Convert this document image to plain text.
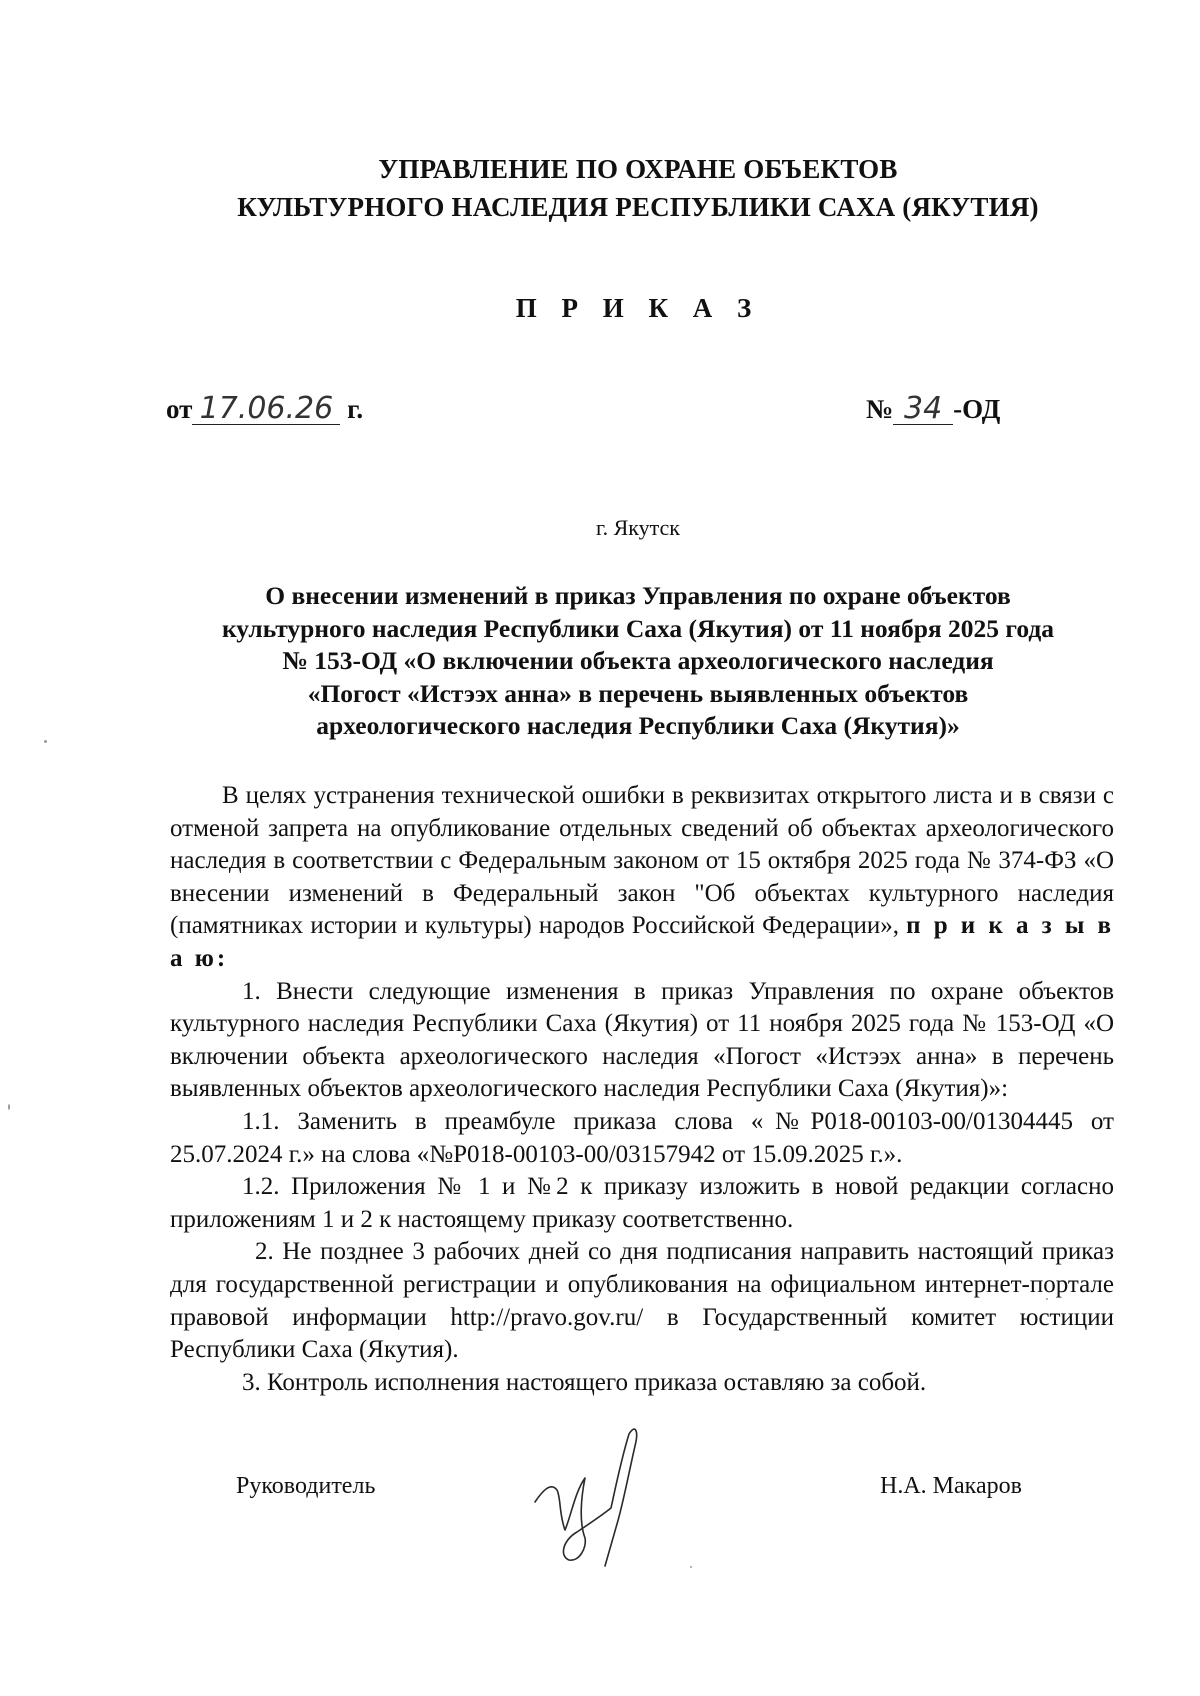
УПРАВЛЕНИЕ ПО ОХРАНЕ ОБЪЕКТОВ
КУЛЬТУРНОГО НАСЛЕДИЯ РЕСПУБЛИКИ САХА (ЯКУТИЯ)
П Р И К А З
от 17.06.26 г.	№ 34 -ОД
г. Якутск
О внесении изменений в приказ Управления по охране объектов
культурного наследия Республики Саха (Якутия) от 11 ноября 2025 года
№ 153-ОД «О включении объекта археологического наследия
«Погост «Истээх анна» в перечень выявленных объектов
археологического наследия Республики Саха (Якутия)»

В целях устранения технической ошибки в реквизитах открытого листа и в связи с отменой запрета на опубликование отдельных сведений об объектах археологического наследия в соответствии с Федеральным законом от 15 октября 2025 года № 374-ФЗ «О внесении изменений в Федеральный закон "Об объектах культурного наследия (памятниках истории и культуры) народов Российской Федерации», п р и к а з ы в а ю:

1. Внести следующие изменения в приказ Управления по охране объектов культурного наследия Республики Саха (Якутия) от 11 ноября 2025 года № 153-ОД «О включении объекта археологического наследия «Погост «Истээх анна» в перечень выявленных объектов археологического наследия Республики Саха (Якутия)»:

1.1. Заменить в преамбуле приказа слова «№Р018-00103-00/01304445 от 25.07.2024 г.» на слова «№Р018-00103-00/03157942 от 15.09.2025 г.».

1.2. Приложения № 1 и №2 к приказу изложить в новой редакции согласно приложениям 1 и 2 к настоящему приказу соответственно.

2. Не позднее 3 рабочих дней со дня подписания направить настоящий приказ для государственной регистрации и опубликования на официальном интернет-портале правовой информации http://pravo.gov.ru/ в Государственный комитет юстиции Республики Саха (Якутия).

3. Контроль исполнения настоящего приказа оставляю за собой.

Руководитель	Н.А. Макаров
